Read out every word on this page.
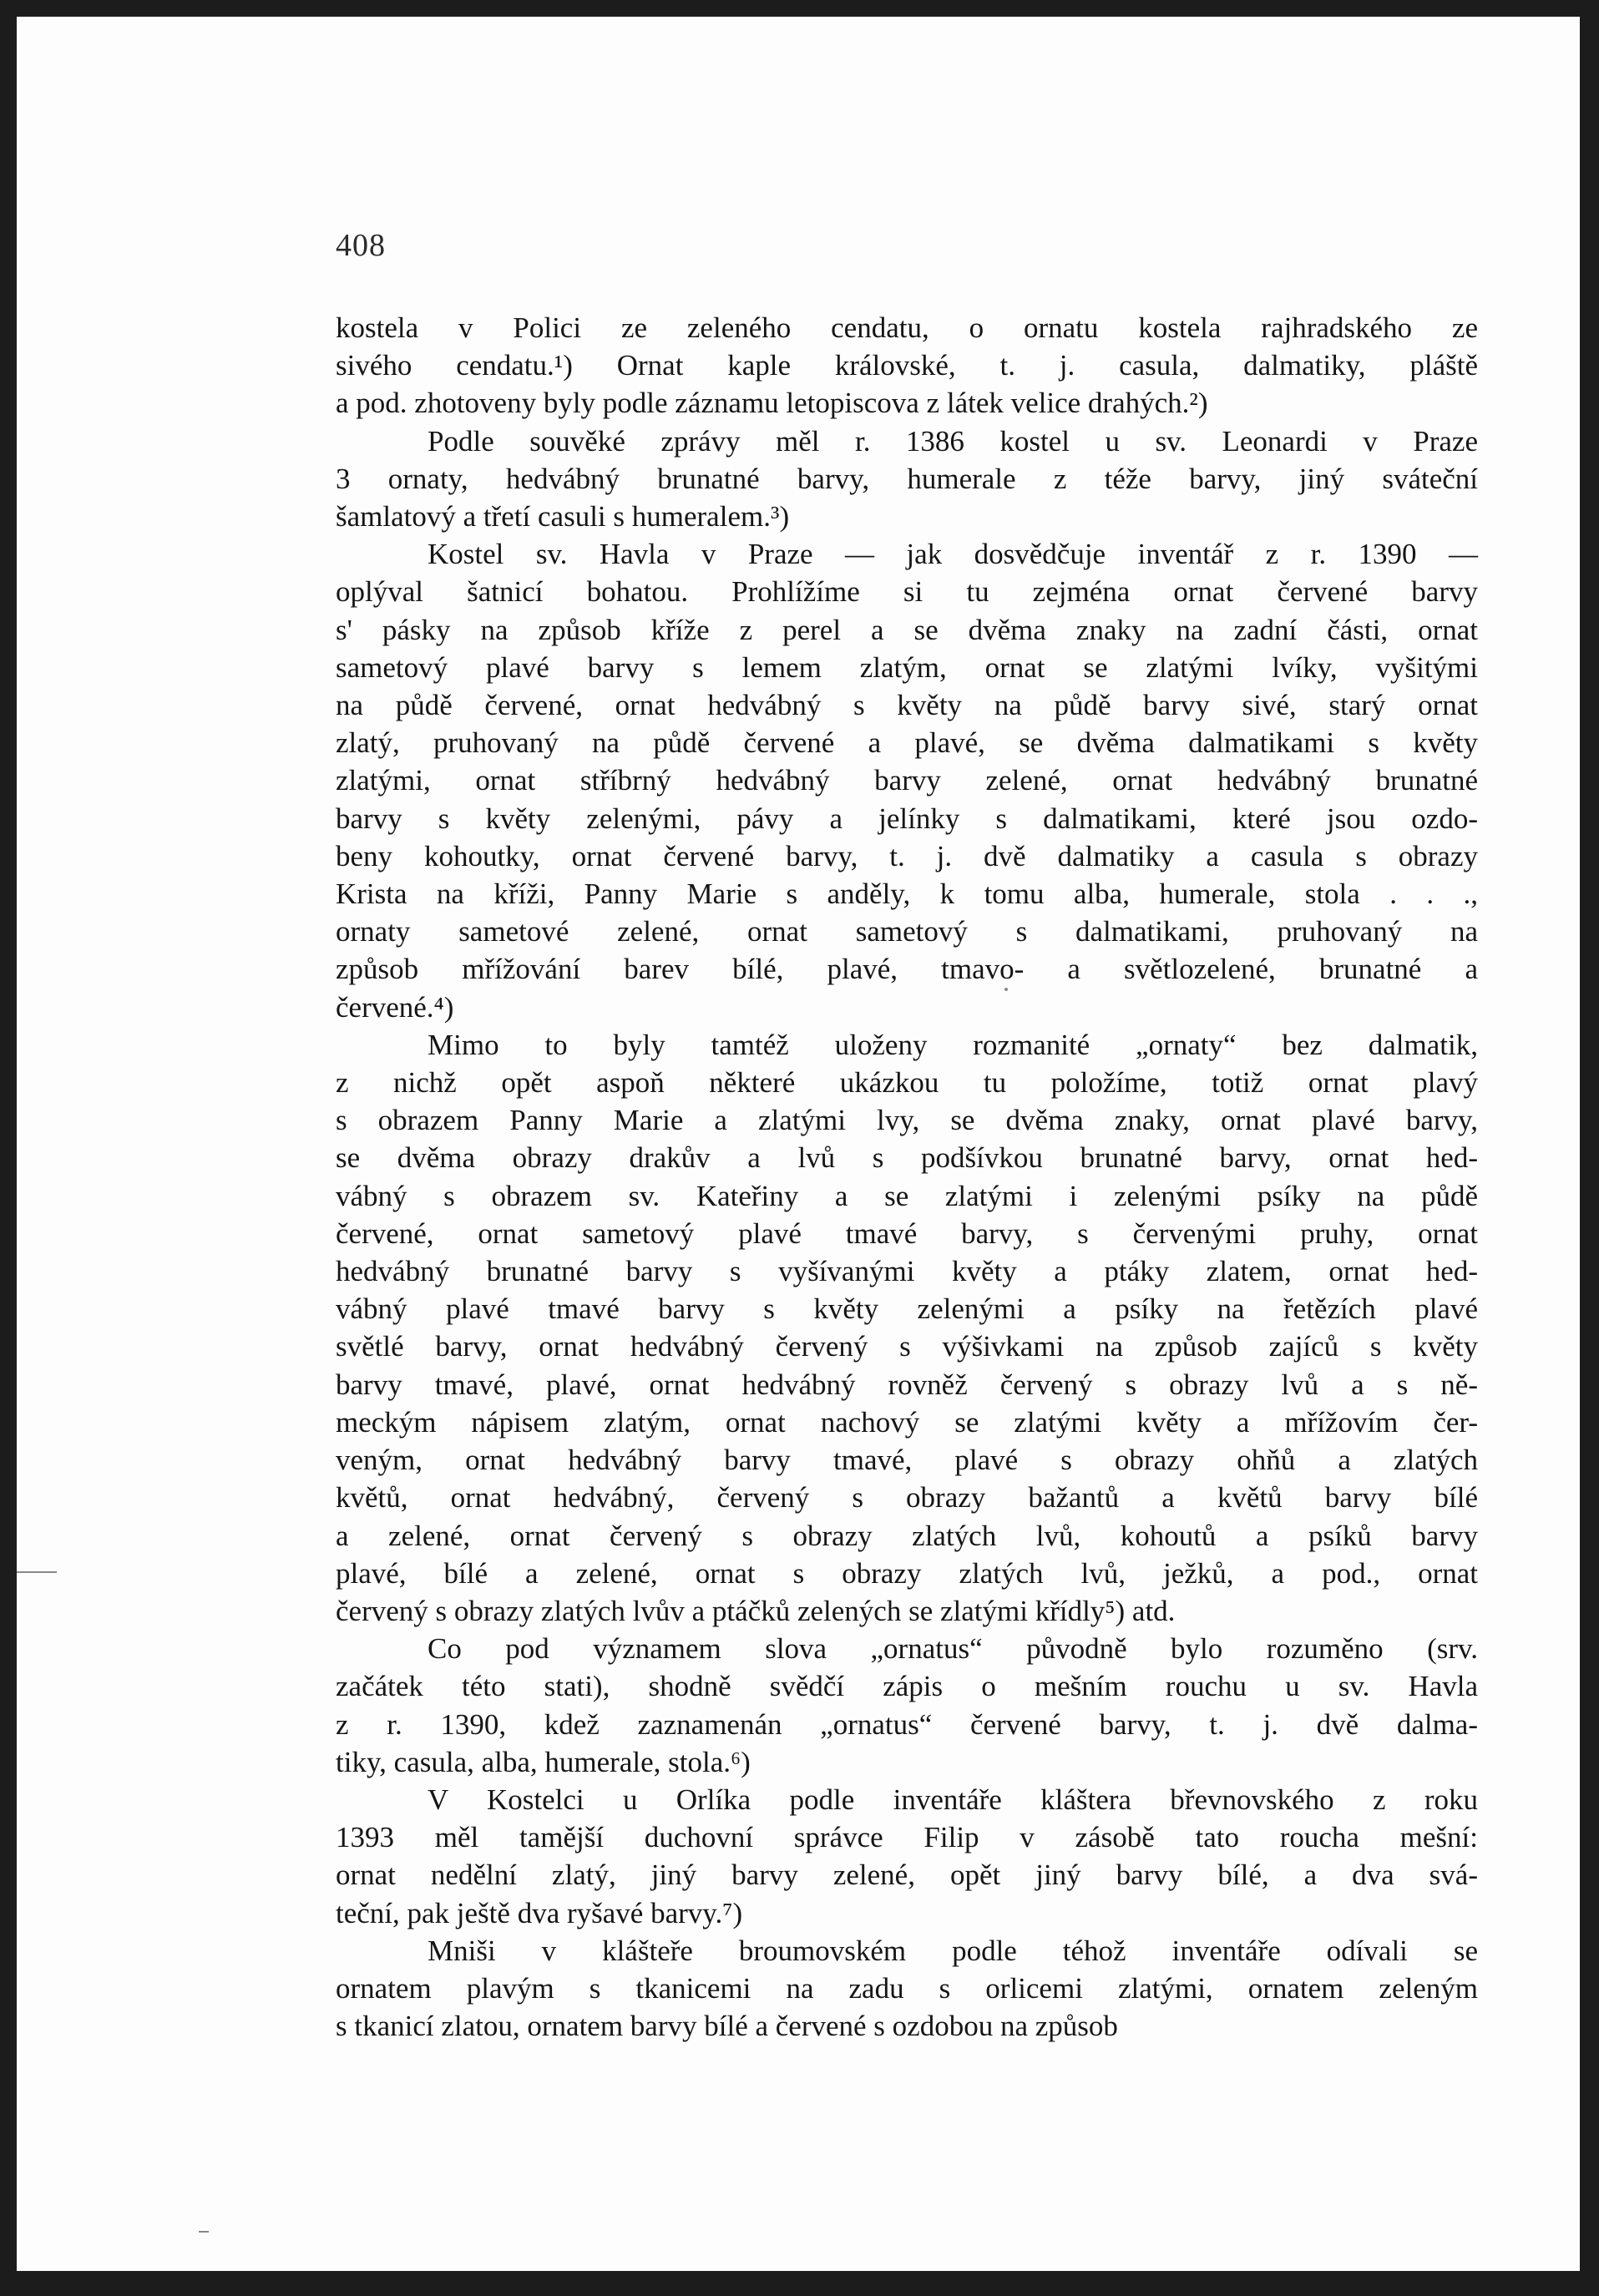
408
kostela v Polici ze zeleného cendatu, o ornatu kostela rajhradského ze
sivého cendatu.¹) Ornat kaple královské, t. j. casula, dalmatiky, pláště
a pod. zhotoveny byly podle záznamu letopiscova z látek velice drahých.²)
Podle souvěké zprávy měl r. 1386 kostel u sv. Leonardi v Praze
3 ornaty, hedvábný brunatné barvy, humerale z téže barvy, jiný sváteční
šamlatový a třetí casuli s humeralem.³)
Kostel sv. Havla v Praze — jak dosvědčuje inventář z r. 1390 —
oplýval šatnicí bohatou. Prohlížíme si tu zejména ornat červené barvy
s' pásky na způsob kříže z perel a se dvěma znaky na zadní části, ornat
sametový plavé barvy s lemem zlatým, ornat se zlatými lvíky, vyšitými
na půdě červené, ornat hedvábný s květy na půdě barvy sivé, starý ornat
zlatý, pruhovaný na půdě červené a plavé, se dvěma dalmatikami s květy
zlatými, ornat stříbrný hedvábný barvy zelené, ornat hedvábný brunatné
barvy s květy zelenými, pávy a jelínky s dalmatikami, které jsou ozdo-
beny kohoutky, ornat červené barvy, t. j. dvě dalmatiky a casula s obrazy
Krista na kříži, Panny Marie s anděly, k tomu alba, humerale, stola . . .,
ornaty sametové zelené, ornat sametový s dalmatikami, pruhovaný na
způsob mřížování barev bílé, plavé, tmavo- a světlozelené, brunatné a
červené.⁴)
Mimo to byly tamtéž uloženy rozmanité „ornaty“ bez dalmatik,
z nichž opět aspoň některé ukázkou tu položíme, totiž ornat plavý
s obrazem Panny Marie a zlatými lvy, se dvěma znaky, ornat plavé barvy,
se dvěma obrazy drakův a lvů s podšívkou brunatné barvy, ornat hed-
vábný s obrazem sv. Kateřiny a se zlatými i zelenými psíky na půdě
červené, ornat sametový plavé tmavé barvy, s červenými pruhy, ornat
hedvábný brunatné barvy s vyšívanými květy a ptáky zlatem, ornat hed-
vábný plavé tmavé barvy s květy zelenými a psíky na řetězích plavé
světlé barvy, ornat hedvábný červený s výšivkami na způsob zajíců s květy
barvy tmavé, plavé, ornat hedvábný rovněž červený s obrazy lvů a s ně-
meckým nápisem zlatým, ornat nachový se zlatými květy a mřížovím čer-
veným, ornat hedvábný barvy tmavé, plavé s obrazy ohňů a zlatých
květů, ornat hedvábný, červený s obrazy bažantů a květů barvy bílé
a zelené, ornat červený s obrazy zlatých lvů, kohoutů a psíků barvy
plavé, bílé a zelené, ornat s obrazy zlatých lvů, ježků, a pod., ornat
červený s obrazy zlatých lvův a ptáčků zelených se zlatými křídly⁵) atd.
Co pod významem slova „ornatus“ původně bylo rozuměno (srv.
začátek této stati), shodně svědčí zápis o mešním rouchu u sv. Havla
z r. 1390, kdež zaznamenán „ornatus“ červené barvy, t. j. dvě dalma-
tiky, casula, alba, humerale, stola.⁶)
V Kostelci u Orlíka podle inventáře kláštera břevnovského z roku
1393 měl tamější duchovní správce Filip v zásobě tato roucha mešní:
ornat nedělní zlatý, jiný barvy zelené, opět jiný barvy bílé, a dva svá-
teční, pak ještě dva ryšavé barvy.⁷)
Mniši v klášteře broumovském podle téhož inventáře odívali se
ornatem plavým s tkanicemi na zadu s orlicemi zlatými, ornatem zeleným
s tkanicí zlatou, ornatem barvy bílé a červené s ozdobou na způsob
